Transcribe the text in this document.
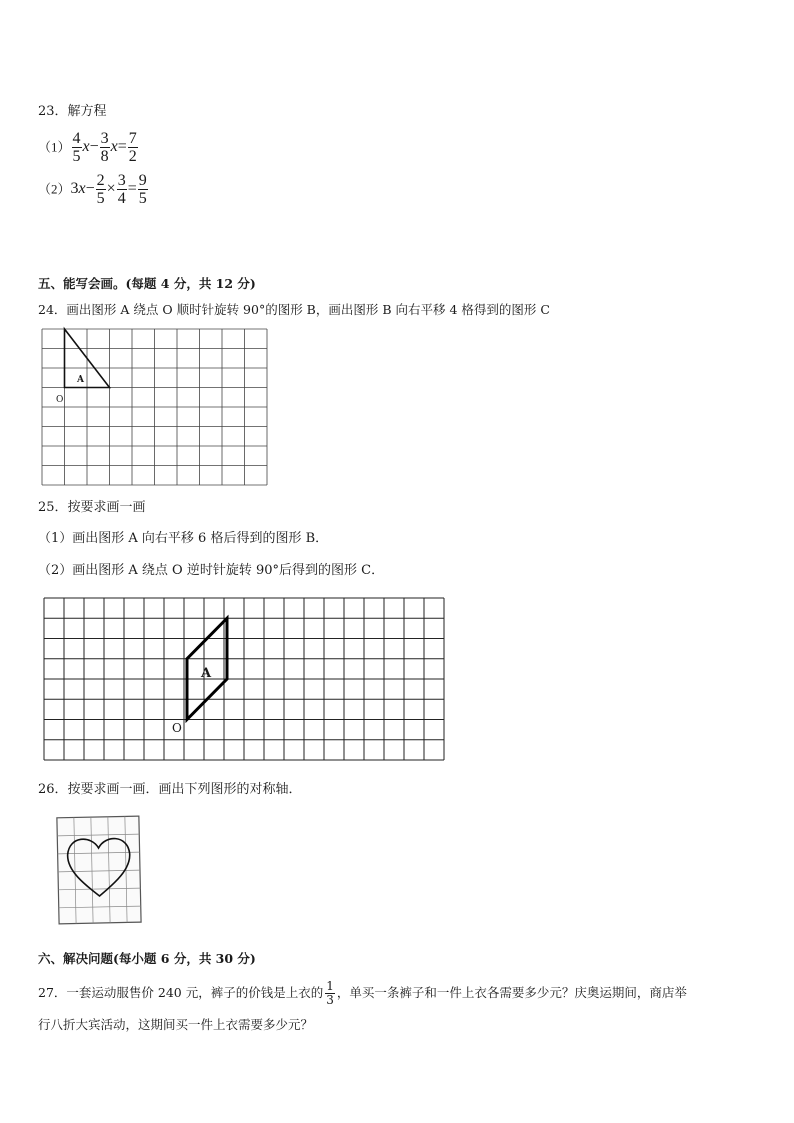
23．解方程
$(1) \frac{4}{5} x- \frac{3}{8} x= \frac{7}{2}$
$(2)3x- \frac{2}{5} \times \frac{3}{4} = \frac{9}{5}$
五、能写会画。(每题 4 分，共 12 分)
24．画出图形 A 绕点 O 顺时针旋转 90°的图形 B，画出图形 B 向右平移 4 格得到的图形 C
A
O
25．按要求画一画
（1）画出图形 A 向右平移 6 格后得到的图形 B．
（2）画出图形 A 绕点 O 逆时针旋转 90°后得到的图形 C．
A
O
26．按要求画一画．画出下列图形的对称轴．
六、解决问题(每小题 6 分，共 30 分)
27．一套运动服售价 240 元，裤子的价钱是上衣的 $\frac{1}{3}$ ，单买一条裤子和一件上衣各需要多少元？庆奥运期间，商店举
行八折大宾活动，这期间买一件上衣需要多少元？
